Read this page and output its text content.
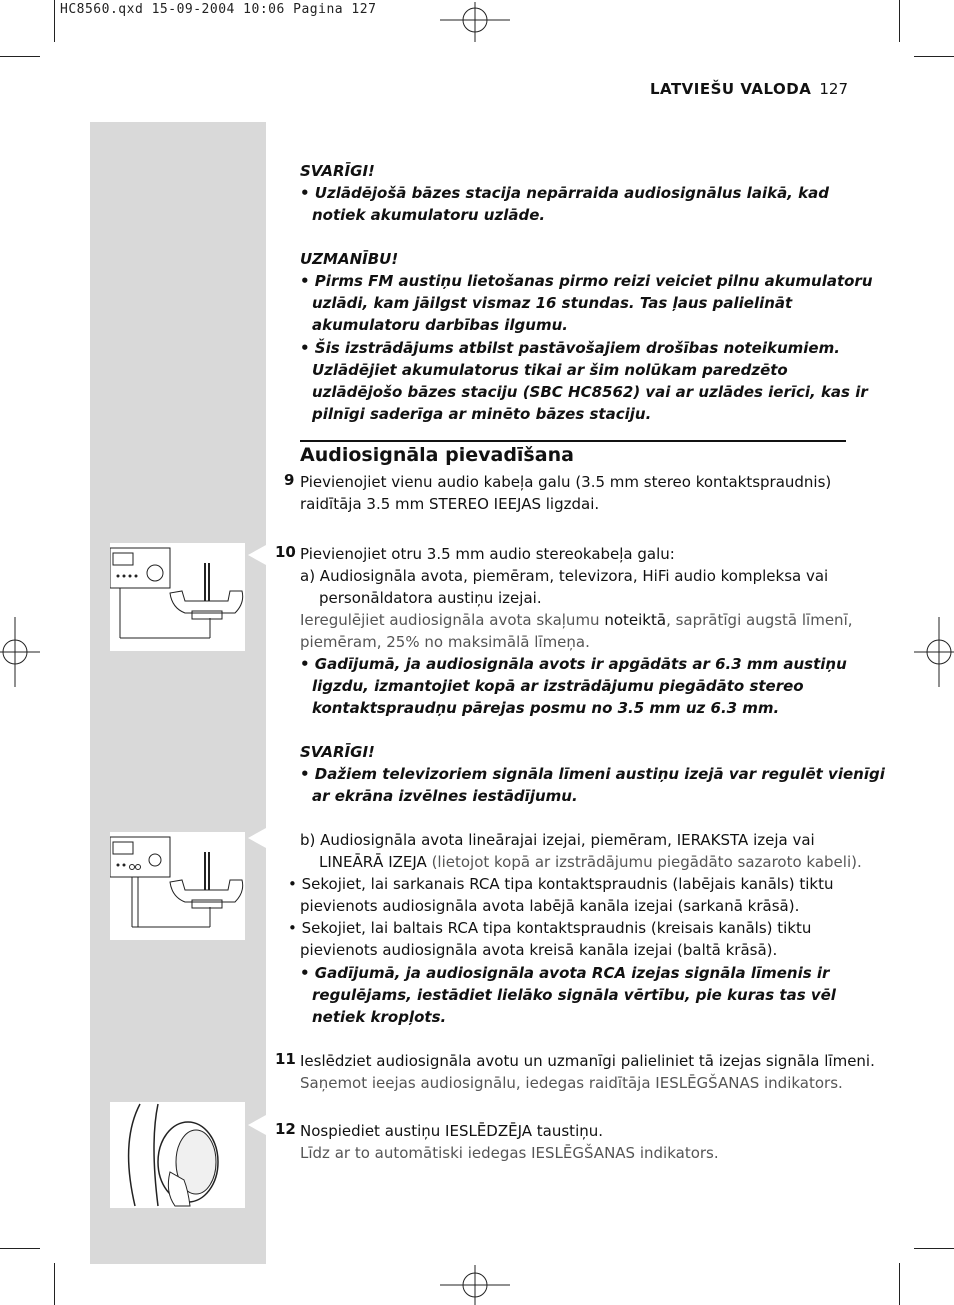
HC8560.qxd 15-09-2004 10:06 Pagina 127
LATVIEŠU VALODA 127
SVARĪGI!
• Uzlādējošā bāzes stacija nepārraida audiosignālus laikā, kad
notiek akumulatoru uzlāde.
UZMANĪBU!
• Pirms FM austiņu lietošanas pirmo reizi veiciet pilnu akumulatoru
uzlādi, kam jāilgst vismaz 16 stundas. Tas ļaus palielināt
akumulatoru darbības ilgumu.
• Šis izstrādājums atbilst pastāvošajiem drošības noteikumiem.
Uzlādējiet akumulatorus tikai ar šim nolūkam paredzēto
uzlādējošo bāzes staciju (SBC HC8562) vai ar uzlādes ierīci, kas ir
pilnīgi saderīga ar minēto bāzes staciju.
Audiosignāla pievadīšana
9 Pievienojiet vienu audio kabeļa galu (3.5 mm stereo kontaktspraudnis)
raidītāja 3.5 mm STEREO IEEJAS ligzdai.
10 Pievienojiet otru 3.5 mm audio stereokabeļa galu:
a) Audiosignāla avota, piemēram, televizora, HiFi audio kompleksa vai
personāldatora austiņu izejai.
Ieregulējiet audiosignāla avota skaļumu noteiktā, saprātīgi augstā līmenī,
piemēram, 25% no maksimālā līmeņa.
• Gadījumā, ja audiosignāla avots ir apgādāts ar 6.3 mm austiņu
ligzdu, izmantojiet kopā ar izstrādājumu piegādāto stereo
kontaktspraudņu pārejas posmu no 3.5 mm uz 6.3 mm.
SVARĪGI!
• Dažiem televizoriem signāla līmeni austiņu izejā var regulēt vienīgi
ar ekrāna izvēlnes iestādījumu.
b) Audiosignāla avota lineārajai izejai, piemēram, IERAKSTA izeja vai
LINEĀRĀ IZEJA (lietojot kopā ar izstrādājumu piegādāto sazaroto kabeli).
• Sekojiet, lai sarkanais RCA tipa kontaktspraudnis (labējais kanāls) tiktu
pievienots audiosignāla avota labējā kanāla izejai (sarkanā krāsā).
• Sekojiet, lai baltais RCA tipa kontaktspraudnis (kreisais kanāls) tiktu
pievienots audiosignāla avota kreisā kanāla izejai (baltā krāsā).
• Gadījumā, ja audiosignāla avota RCA izejas signāla līmenis ir
regulējams, iestādiet lielāko signāla vērtību, pie kuras tas vēl
netiek kropļots.
11 Ieslēdziet audiosignāla avotu un uzmanīgi palieliniet tā izejas signāla līmeni.
Saņemot ieejas audiosignālu, iedegas raidītāja IESLĒGŠANAS indikators.
12 Nospiediet austiņu IESLĒDZĒJA taustiņu.
Līdz ar to automātiski iedegas IESLĒGŠANAS indikators.
